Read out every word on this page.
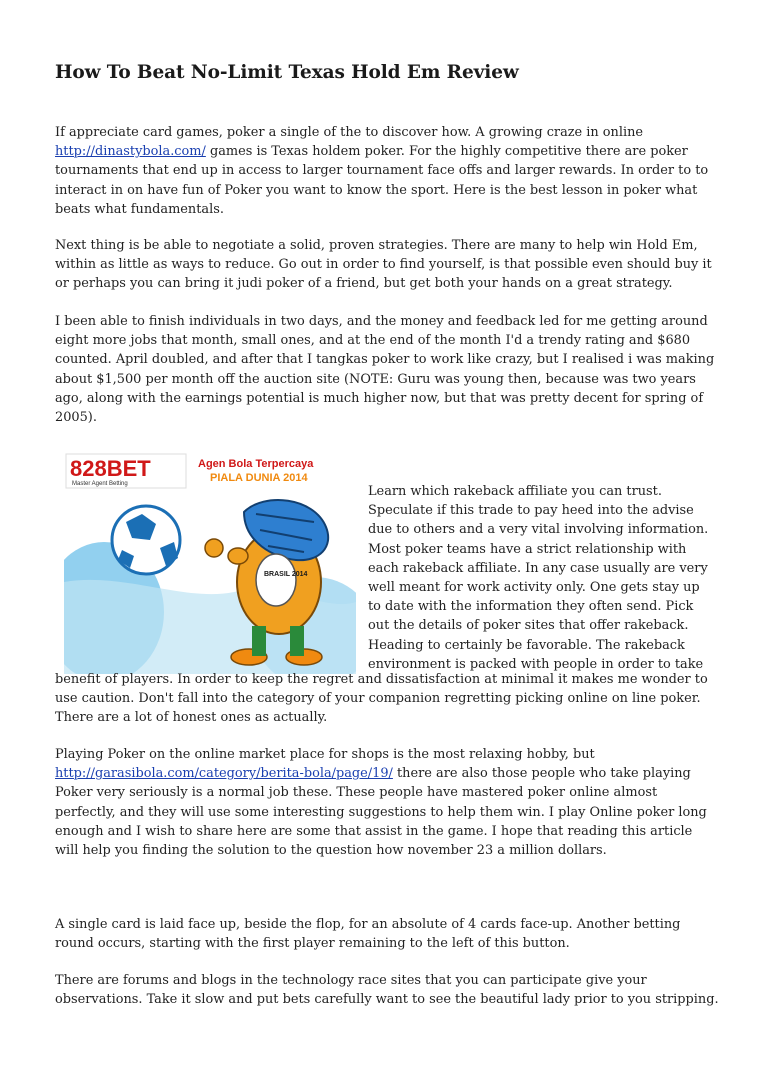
How To Beat No-Limit Texas Hold Em Review
If appreciate card games, poker a single of the to discover how. A growing craze in online
http://dinastybola.com/ games is Texas holdem poker. For the highly competitive there are poker
tournaments that end up in access to larger tournament face offs and larger rewards. In order to to
interact in on have fun of Poker you want to know the sport. Here is the best lesson in poker what
beats what fundamentals.
Next thing is be able to negotiate a solid, proven strategies. There are many to help win Hold Em,
within as little as ways to reduce. Go out in order to find yourself, is that possible even should buy it
or perhaps you can bring it judi poker of a friend, but get both your hands on a great strategy.
I been able to finish individuals in two days, and the money and feedback led for me getting around
eight more jobs that month, small ones, and at the end of the month I'd a trendy rating and $680
counted. April doubled, and after that I tangkas poker to work like crazy, but I realised i was making
about $1,500 per month off the auction site (NOTE: Guru was young then, because was two years
ago, along with the earnings potential is much higher now, but that was pretty decent for spring of
2005).
828BET
Master Agent Betting
Agen Bola Terpercaya
PIALA DUNIA 2014
BRASIL 2014
Learn which rakeback affiliate you can trust.
Speculate if this trade to pay heed into the advise
due to others and a very vital involving information.
Most poker teams have a strict relationship with
each rakeback affiliate. In any case usually are very
well meant for work activity only. One gets stay up
to date with the information they often send. Pick
out the details of poker sites that offer rakeback.
Heading to certainly be favorable. The rakeback
environment is packed with people in order to take
benefit of players. In order to keep the regret and dissatisfaction at minimal it makes me wonder to
use caution. Don't fall into the category of your companion regretting picking online on line poker.
There are a lot of honest ones as actually.
Playing Poker on the online market place for shops is the most relaxing hobby, but
http://garasibola.com/category/berita-bola/page/19/ there are also those people who take playing
Poker very seriously is a normal job these. These people have mastered poker online almost
perfectly, and they will use some interesting suggestions to help them win. I play Online poker long
enough and I wish to share here are some that assist in the game. I hope that reading this article
will help you finding the solution to the question how november 23 a million dollars.
A single card is laid face up, beside the flop, for an absolute of 4 cards face-up. Another betting
round occurs, starting with the first player remaining to the left of this button.
There are forums and blogs in the technology race sites that you can participate give your
observations. Take it slow and put bets carefully want to see the beautiful lady prior to you stripping.
